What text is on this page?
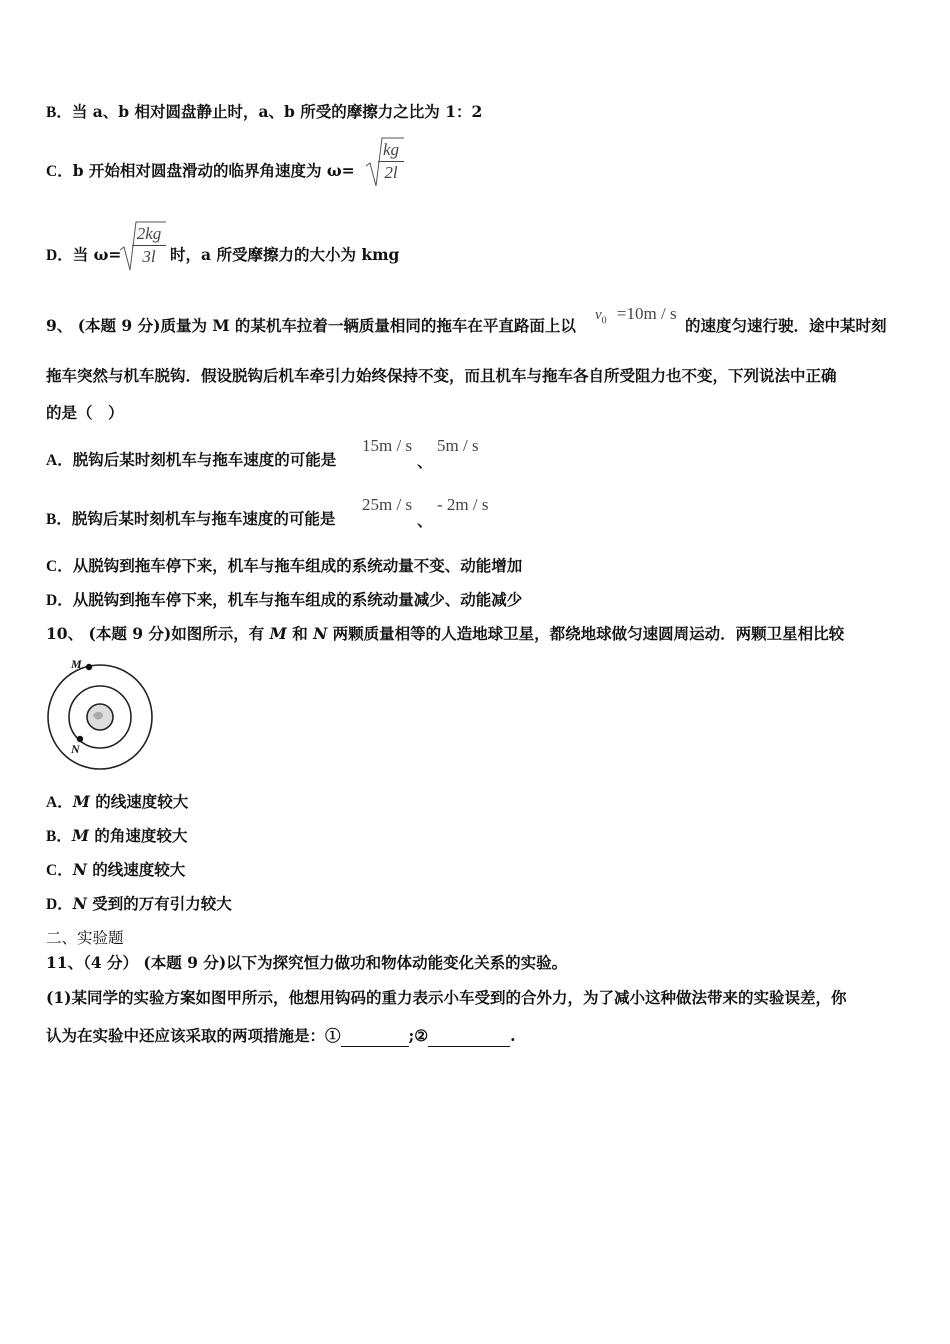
B．当 a、b 相对圆盘静止时，a、b 所受的摩擦力之比为 1：2
C．b 开始相对圆盘滑动的临界角速度为 ω=
kg
2l
D．当 ω=
2kg
3l 时，a 所受摩擦力的大小为 kmg
9、 (本题 9 分)质量为 M 的某机车拉着一辆质量相同的拖车在平直路面上以
$v_0 =10m / s$
的速度匀速行驶．途中某时刻
拖车突然与机车脱钩．假设脱钩后机车牵引力始终保持不变，而且机车与拖车各自所受阻力也不变，下列说法中正确
的是（　）
A．脱钩后某时刻机车与拖车速度的可能是
15m / s
、
5m / s
B．脱钩后某时刻机车与拖车速度的可能是
25m / s
、
- 2m / s
C．从脱钩到拖车停下来，机车与拖车组成的系统动量不变、动能增加
D．从脱钩到拖车停下来，机车与拖车组成的系统动量减少、动能减少
10、 (本题 9 分)如图所示，有 M 和 N 两颗质量相等的人造地球卫星，都绕地球做匀速圆周运动．两颗卫星相比较
M
N
A．M 的线速度较大
B．M 的角速度较大
C．N 的线速度较大
D．N 受到的万有引力较大
二、实验题
11、（4 分） (本题 9 分)以下为探究恒力做功和物体动能变化关系的实验。
(1)某同学的实验方案如图甲所示，他想用钩码的重力表示小车受到的合外力，为了减小这种做法带来的实验误差，你
认为在实验中还应该采取的两项措施是：①	;②	.
